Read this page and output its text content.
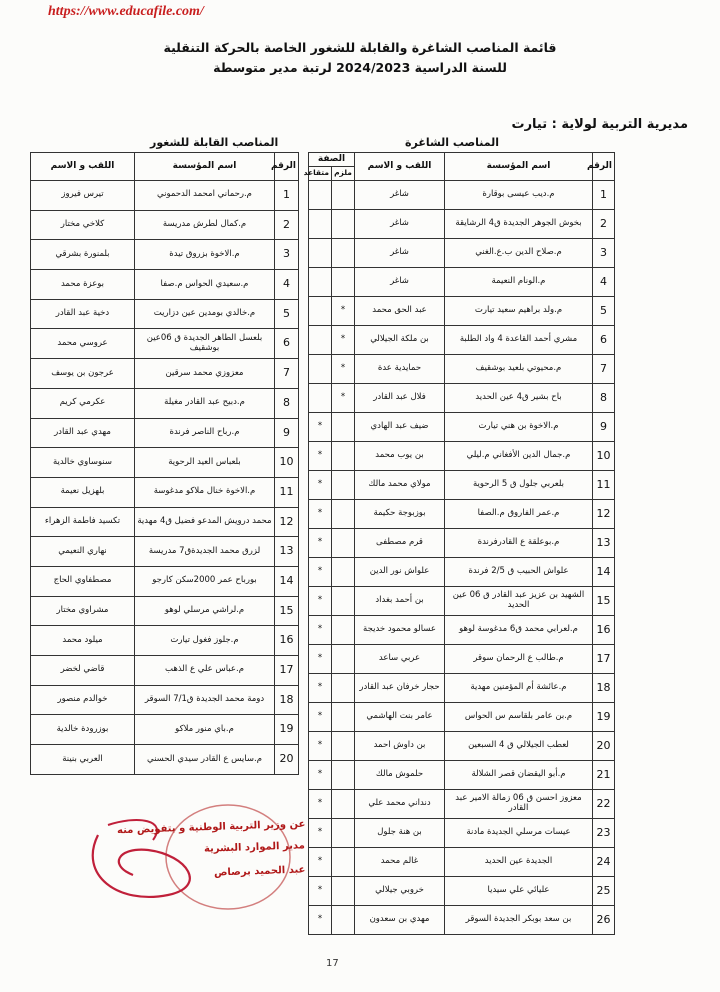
https://www.educafile.com/
قائمة المناصب الشاغرة والقابلة للشغور الخاصة بالحركة التنقلية
للسنة الدراسية 2024/2023 لرتبة مدير متوسطة
مديرية التربية لولاية : تيارت
المناصب الشاغرة
المناصب القابلة للشغور
الرقم	اسم المؤسسة	اللقب و الاسم	الصفة	
			ملزم	متقاعد
1	م.ديب عيسى بوقارة	شاغر		
2	بخوش الجوهر الجديدة ق4 الرشايقة	شاغر		
3	م.صلاح الدين ب.ع.الغني	شاغر		
4	م.الونام النعيمة	شاغر		
5	م.ولد براهيم سعيد تيارت	عبد الحق محمد	*	
6	مشري أحمد القاعدة 4 واد الطلبة	بن ملكة الجيلالي	*	
7	م.محيوتي بلعيد بوشقيف	حمايدية عدة	*	
8	باح بشير ق4 عين الحديد	فلال عبد القادر	*	
9	م.الاخوة بن هني تيارت	ضيف عبد الهادي		*
10	م.جمال الدين الأفغاني م.ليلي	بن يوب محمد		*
11	بلعربي جلول ق 5 الرحوية	مولاي محمد مالك		*
12	م.عمر الفاروق م.الصفا	بوزبوجة حكيمة		*
13	م.بوعلقة ع القادرفرندة	قرم مصطفى		*
14	علواش الحبيب ق 2/5 فرندة	علواش نور الدين		*
15	الشهيد بن عزيز عبد القادر ق 06 عين الحديد	بن أحمد بغداد		*
16	م.لعرابي محمد ق6 مدغوسة لوهو	عسالو محمود خديجة		*
17	م.طالب ع الرحمان سوقر	عربي ساعد		*
18	م.عائشة أم المؤمنين مهدية	حجار خرفان عبد القادر		*
19	م.بن عامر بلقاسم س الحواس	عامر بنت الهاشمي		*
20	لعطب الجيلالي ق 4 السبعين	بن داوش احمد		*
21	م.أبو اليقضان قصر الشلالة	حلموش مالك		*
22	معزوز احسن ق 06 زمالة الامير عبد القادر	دنداني محمد علي		*
23	عيسات مرسلي الجديدة مادنة	بن هنة جلول		*
24	الجديدة عين الحديد	غالم محمد		*
25	عليائي علي سيديا	خروبي جيلالي		*
26	بن سعد بوبكر الجديدة السوقر	مهدي بن سعدون		*
الرقم	اسم المؤسسة	اللقب و الاسم
1	م.رحماني امحمد الدحموني	تيرس فيروز
2	م.كمال لطرش مدريسة	كلاخي مختار
3	م.الاخوة بزروق تيدة	بلمنورة بشرقي
4	م.سعيدي الحواس م.صفا	بوعزة محمد
5	م.خالدي بومدين عين دزاريت	دخية عبد القادر
6	بلعسل الطاهر الجديدة ق 06عين بوشقيف	عروسي محمد
7	معزوزي محمد سرقين	عرجون بن يوسف
8	م.دبيح عبد القادر مغيلة	عكرمي كريم
9	م.رباح الناصر فرندة	مهدي عبد القادر
10	بلعباس العيد الرحوية	سنوساوي خالدية
11	م.الاخوة خنال ملاكو مدغوسة	بلهزيل نعيمة
12	محمد درويش المدعو فضيل ق4 مهدية	تكسيد فاطمة الزهراء
13	لزرق محمد الجديدةق7 مدريسة	نهاري النعيمي
14	بورباح عمر 2000سكن كارجو	مصطفاوي الحاج
15	م.لراشي مرسلي لوهو	مشراوي مختار
16	م.جلوز فغول تيارت	ميلود محمد
17	م.عباس علي ع الذهب	قاضي لخضر
18	دومة محمد الجديدة ق7/1 السوقر	خوالدم منصور
19	م.باي منور ملاكو	بوزرودة خالدية
20	م.سايس ع القادر سيدي الحسني	العربي بنينة
عن وزير التربية الوطنية و بتفويض منه
مدير الموارد البشرية
عبد الحميد برصاص
17
